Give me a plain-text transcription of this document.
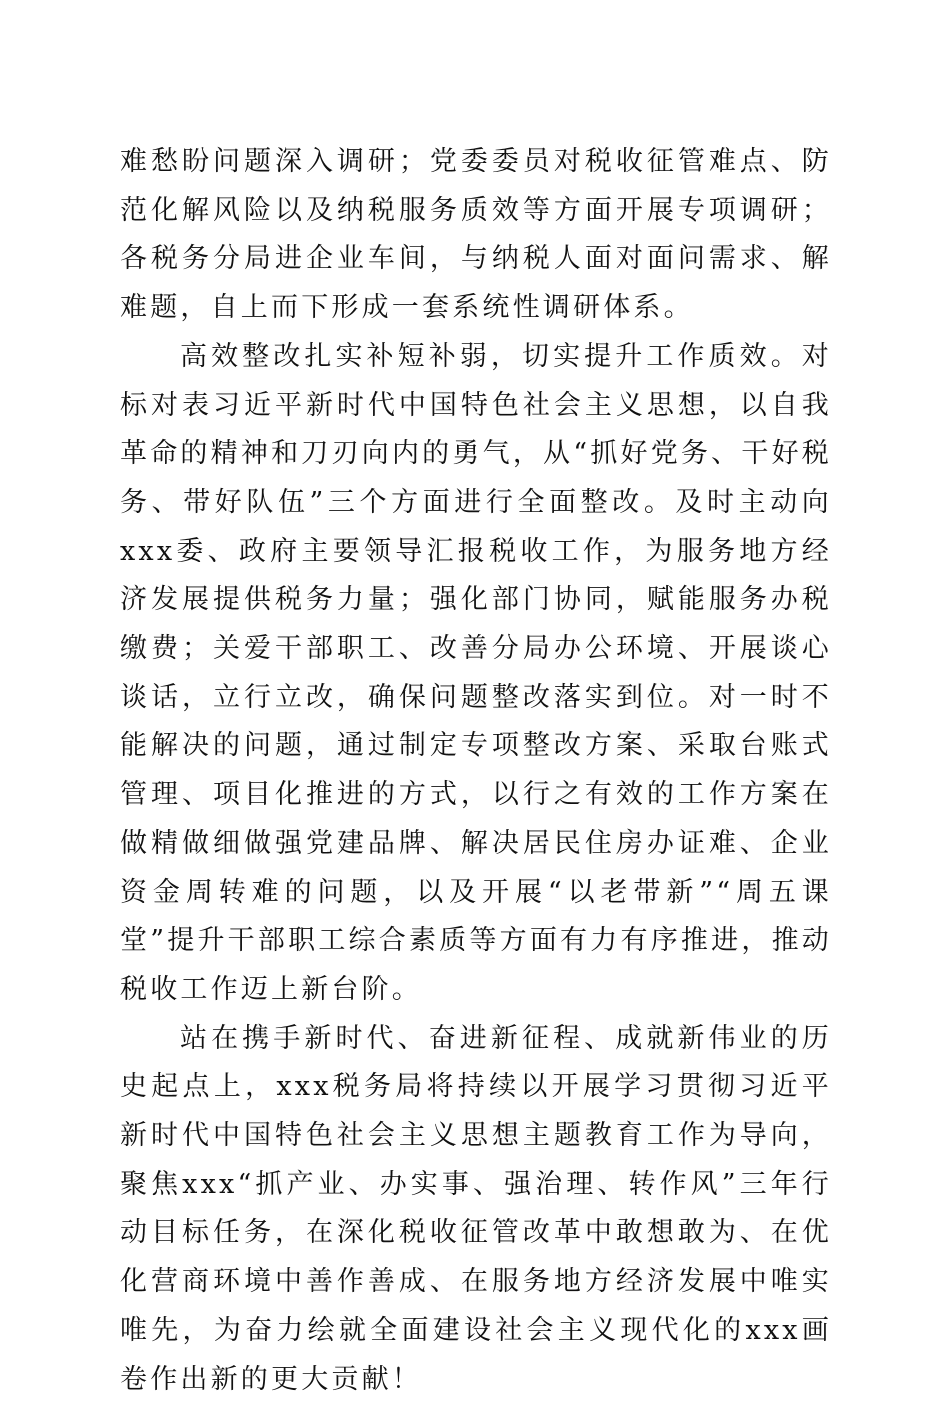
难愁盼问题深入调研；党委委员对税收征管难点、防范化解风险以及纳税服务质效等方面开展专项调研；各税务分局进企业车间，与纳税人面对面问需求、解难题，自上而下形成一套系统性调研体系。

高效整改扎实补短补弱，切实提升工作质效。对标对表习近平新时代中国特色社会主义思想，以自我革命的精神和刀刃向内的勇气，从“抓好党务、干好税务、带好队伍”三个方面进行全面整改。及时主动向xxx委、政府主要领导汇报税收工作，为服务地方经济发展提供税务力量；强化部门协同，赋能服务办税缴费；关爱干部职工、改善分局办公环境、开展谈心谈话，立行立改，确保问题整改落实到位。对一时不能解决的问题，通过制定专项整改方案、采取台账式管理、项目化推进的方式，以行之有效的工作方案在做精做细做强党建品牌、解决居民住房办证难、企业资金周转难的问题，以及开展“以老带新”“周五课堂”提升干部职工综合素质等方面有力有序推进，推动税收工作迈上新台阶。

站在携手新时代、奋进新征程、成就新伟业的历史起点上，xxx税务局将持续以开展学习贯彻习近平新时代中国特色社会主义思想主题教育工作为导向，聚焦xxx“抓产业、办实事、强治理、转作风”三年行动目标任务，在深化税收征管改革中敢想敢为、在优化营商环境中善作善成、在服务地方经济发展中唯实唯先，为奋力绘就全面建设社会主义现代化的xxx画卷作出新的更大贡献！
